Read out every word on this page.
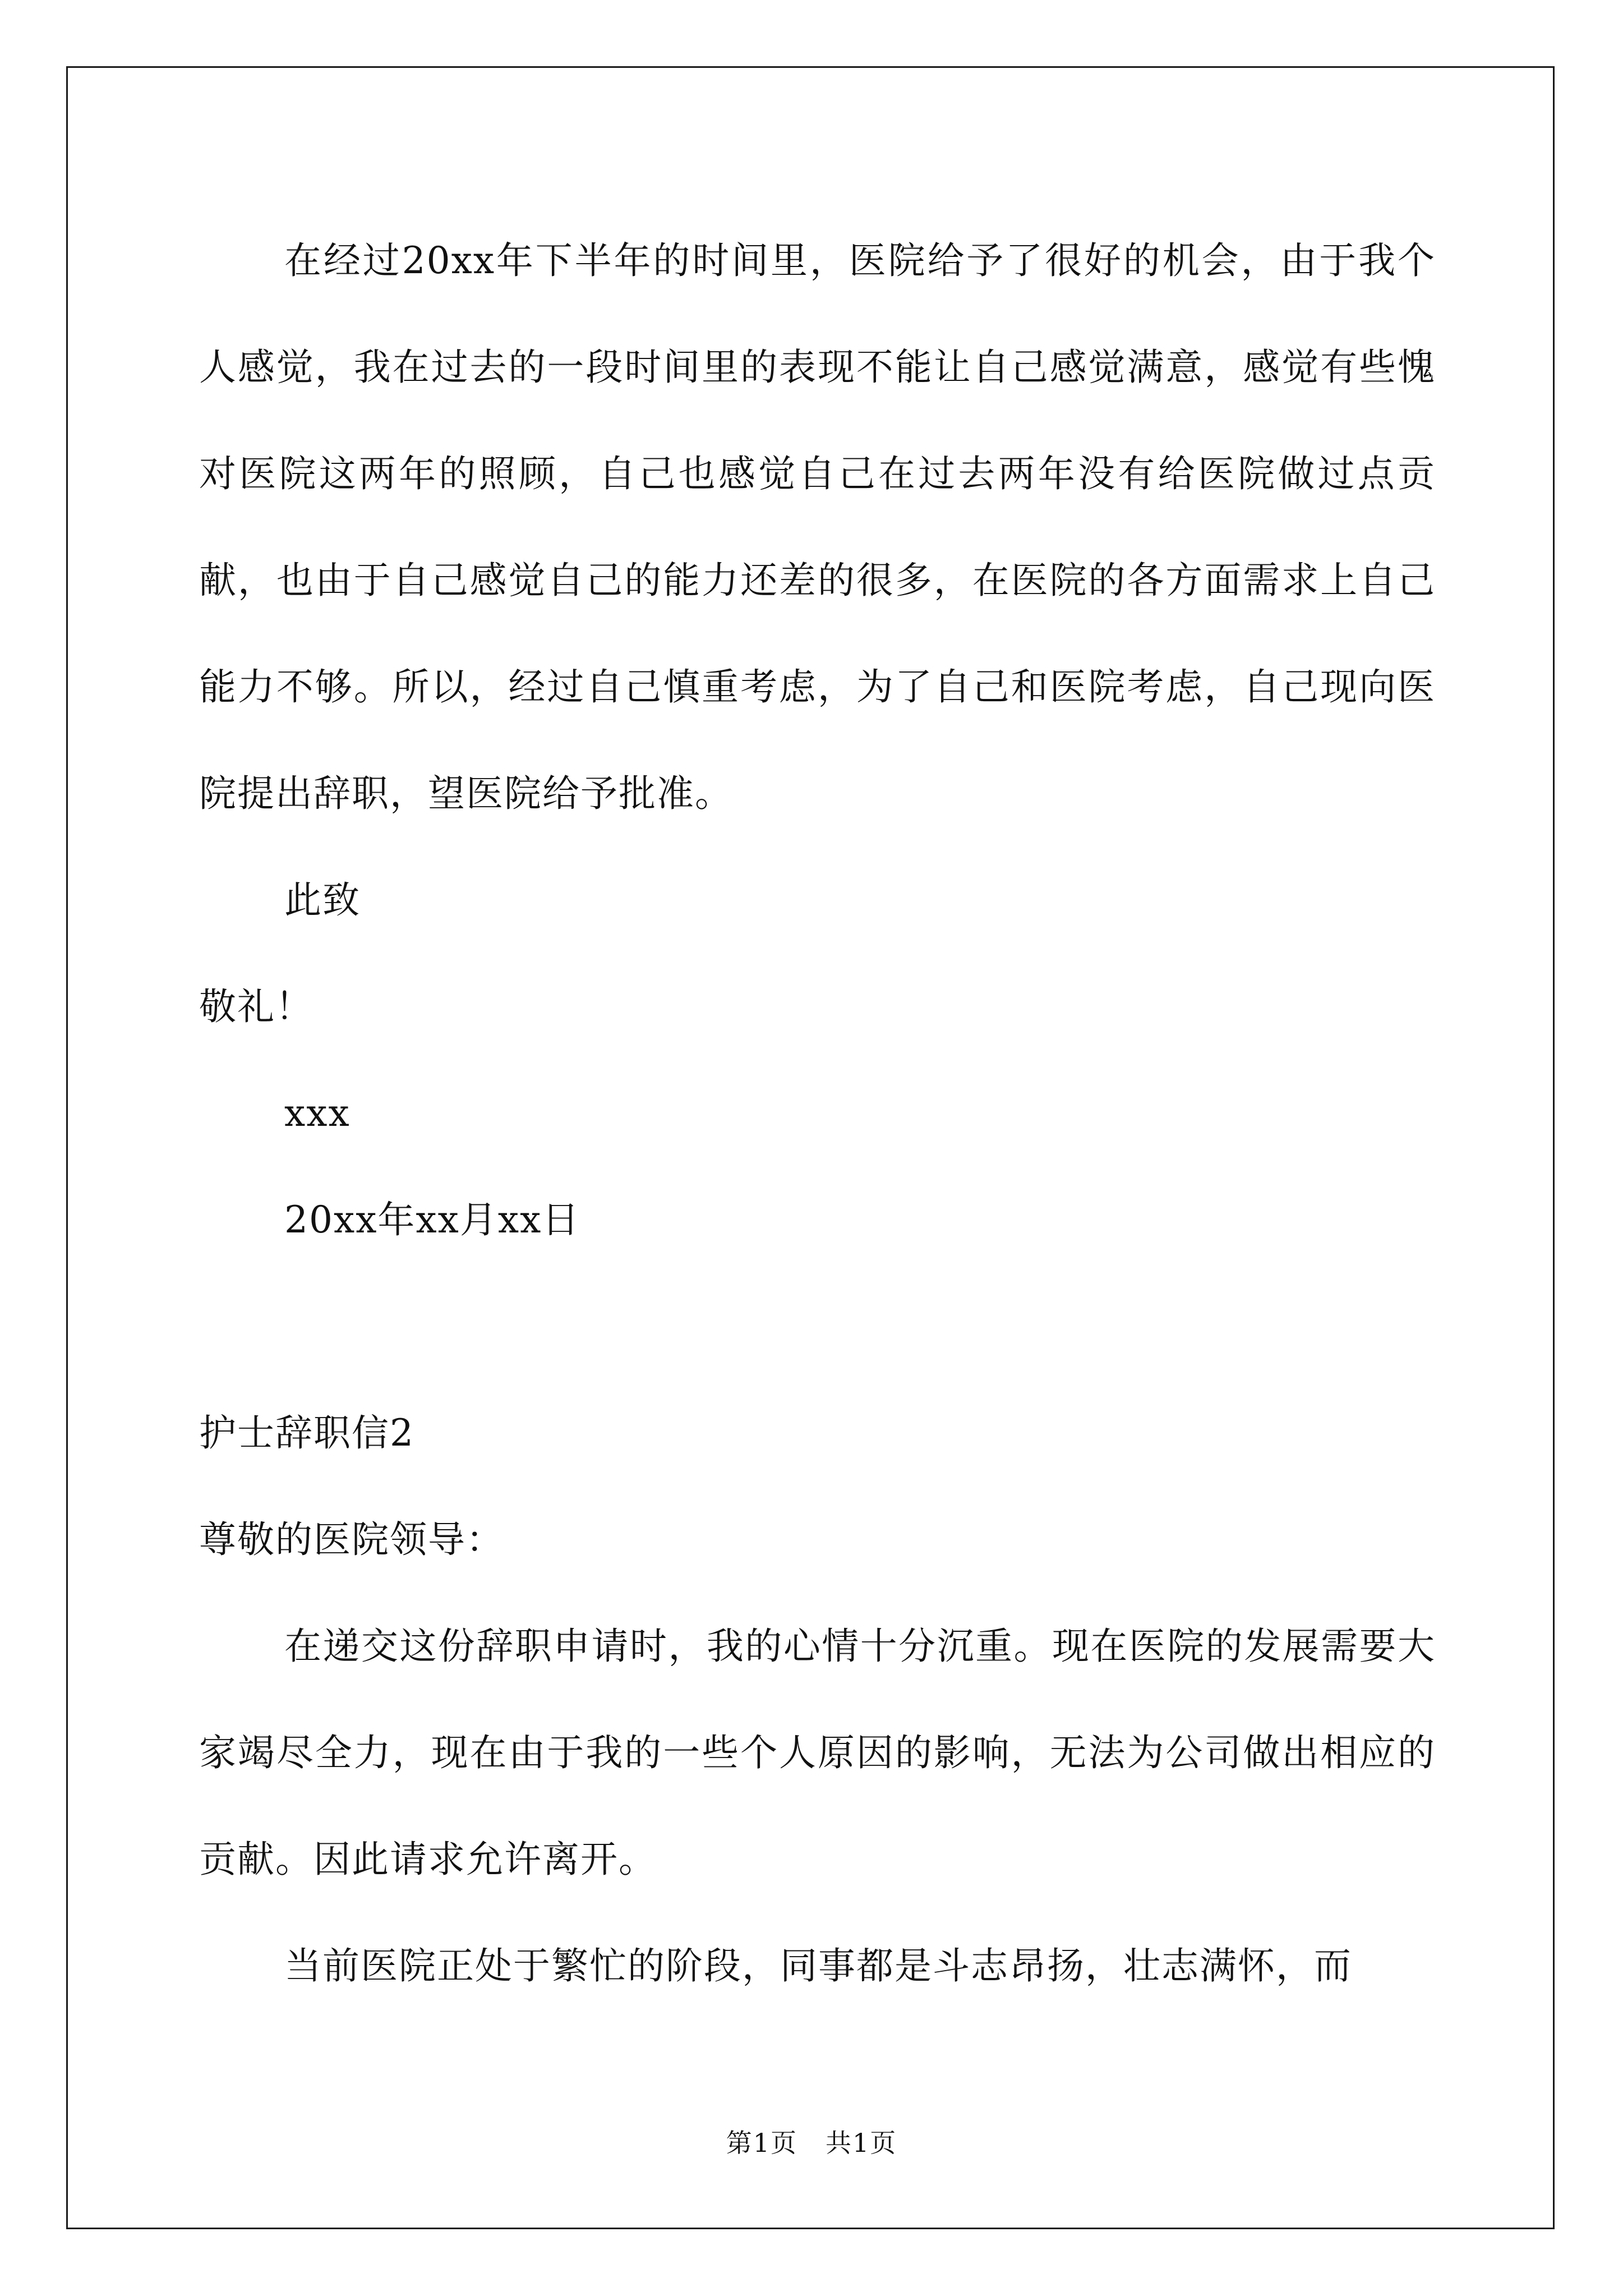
在经过20xx年下半年的时间里，医院给予了很好的机会，由于我个人感觉，我在过去的一段时间里的表现不能让自己感觉满意，感觉有些愧对医院这两年的照顾，自己也感觉自己在过去两年没有给医院做过点贡献，也由于自己感觉自己的能力还差的很多，在医院的各方面需求上自己能力不够。所以，经过自己慎重考虑，为了自己和医院考虑，自己现向医院提出辞职，望医院给予批准。

此致

敬礼！

xxx

20xx年xx月xx日

护士辞职信2

尊敬的医院领导：

在递交这份辞职申请时，我的心情十分沉重。现在医院的发展需要大家竭尽全力，现在由于我的一些个人原因的影响，无法为公司做出相应的贡献。因此请求允许离开。

当前医院正处于繁忙的阶段，同事都是斗志昂扬，壮志满怀，而

第1页 共1页
